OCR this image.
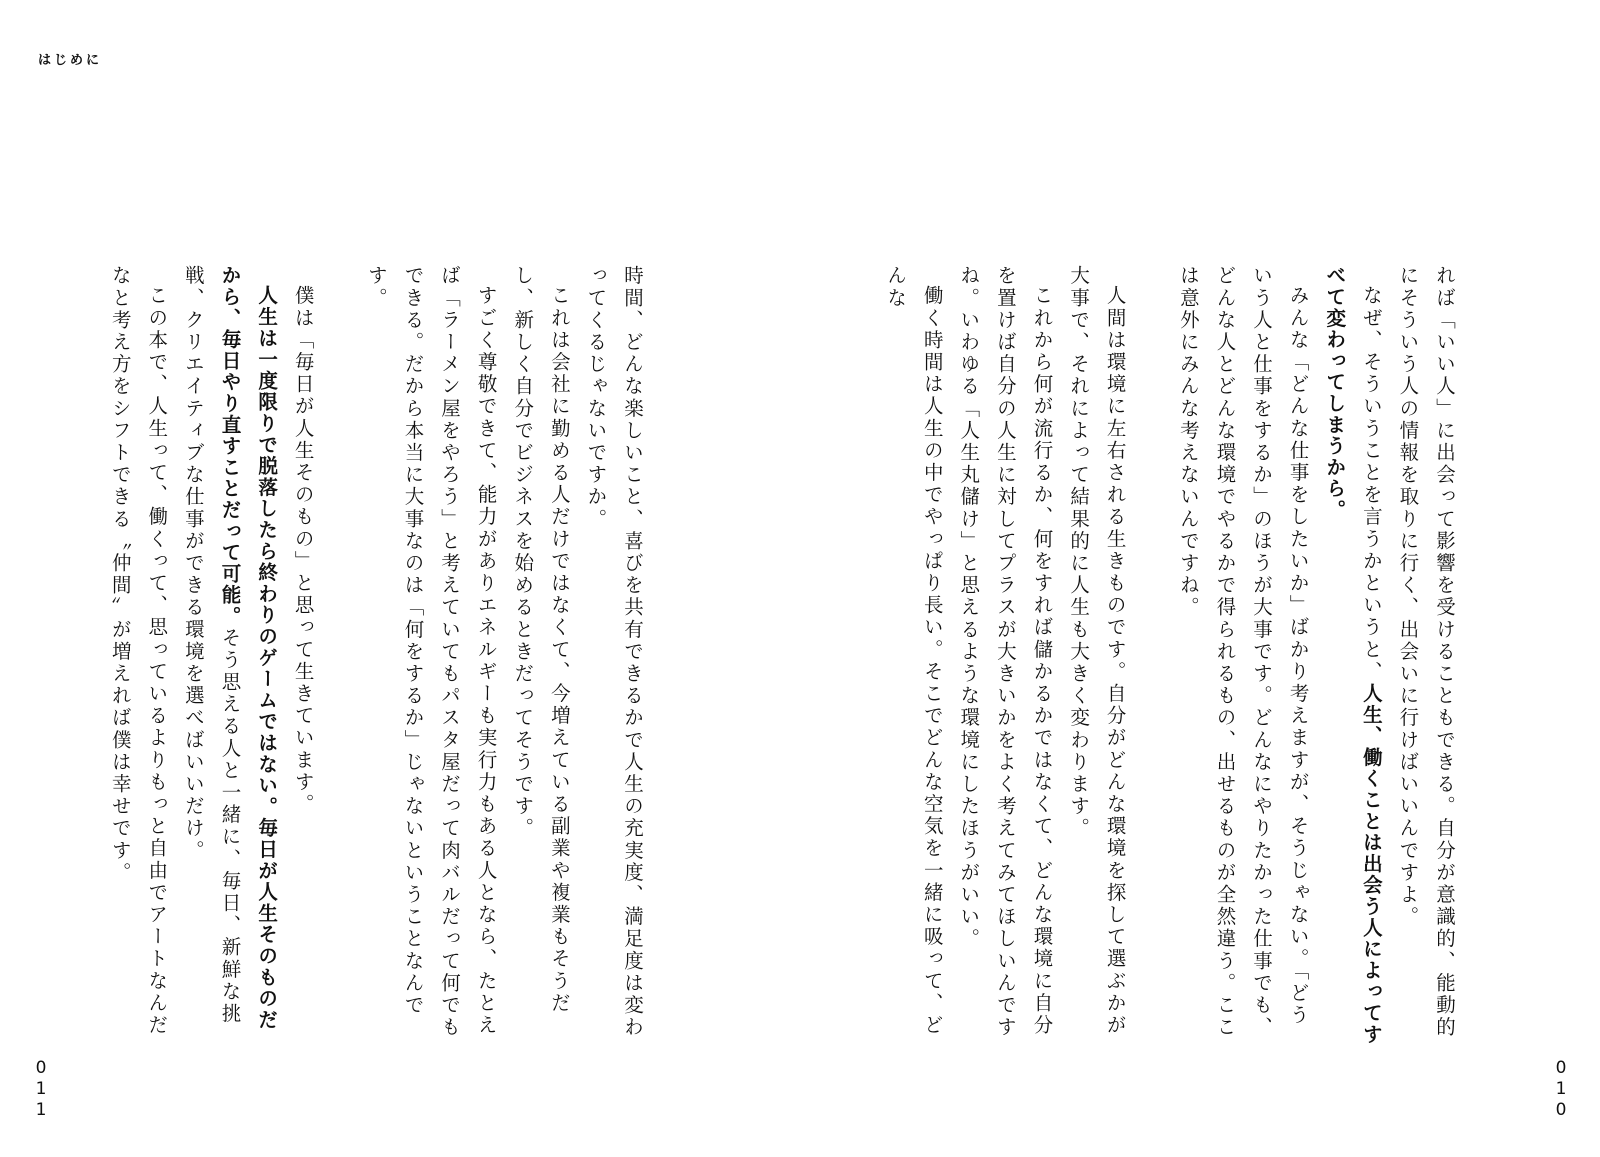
はじめに

れば「いい人」に出会って影響を受けることもできる。自分が意識的、能動的にそういう人の情報を取りに行く、出会いに行けばいいんですよ。

なぜ、そういうことを言うかというと、人生、働くことは出会う人によってすべて変わってしまうから。

みんな「どんな仕事をしたいか」ばかり考えますが、そうじゃない。「どういう人と仕事をするか」のほうが大事です。どんなにやりたかった仕事でも、どんな人とどんな環境でやるかで得られるもの、出せるものが全然違う。ここは意外にみんな考えないんですね。

人間は環境に左右される生きものです。自分がどんな環境を探して選ぶかが大事で、それによって結果的に人生も大きく変わります。

これから何が流行るか、何をすれば儲かるかではなくて、どんな環境に自分を置けば自分の人生に対してプラスが大きいかをよく考えてみてほしいんですね。いわゆる「人生丸儲け」と思えるような環境にしたほうがいい。

働く時間は人生の中でやっぱり長い。そこでどんな空気を一緒に吸って、どんな

時間、どんな楽しいこと、喜びを共有できるかで人生の充実度、満足度は変わってくるじゃないですか。

これは会社に勤める人だけではなくて、今増えている副業や複業もそうだし、新しく自分でビジネスを始めるときだってそうです。

すごく尊敬できて、能力がありエネルギーも実行力もある人となら、たとえば「ラーメン屋をやろう」と考えていてもパスタ屋だって肉バルだって何でもできる。だから本当に大事なのは「何をするか」じゃないということなんです。

僕は「毎日が人生そのもの」と思って生きています。

人生は一度限りで脱落したら終わりのゲームではない。毎日が人生そのものだから、毎日やり直すことだって可能。そう思える人と一緒に、毎日、新鮮な挑戦、クリエイティブな仕事ができる環境を選べばいいだけ。

この本で、人生って、働くって、思っているよりもっと自由でアートなんだなと考え方をシフトできる〝仲間〟が増えれば僕は幸せです。

0
1
1
0
1
0
